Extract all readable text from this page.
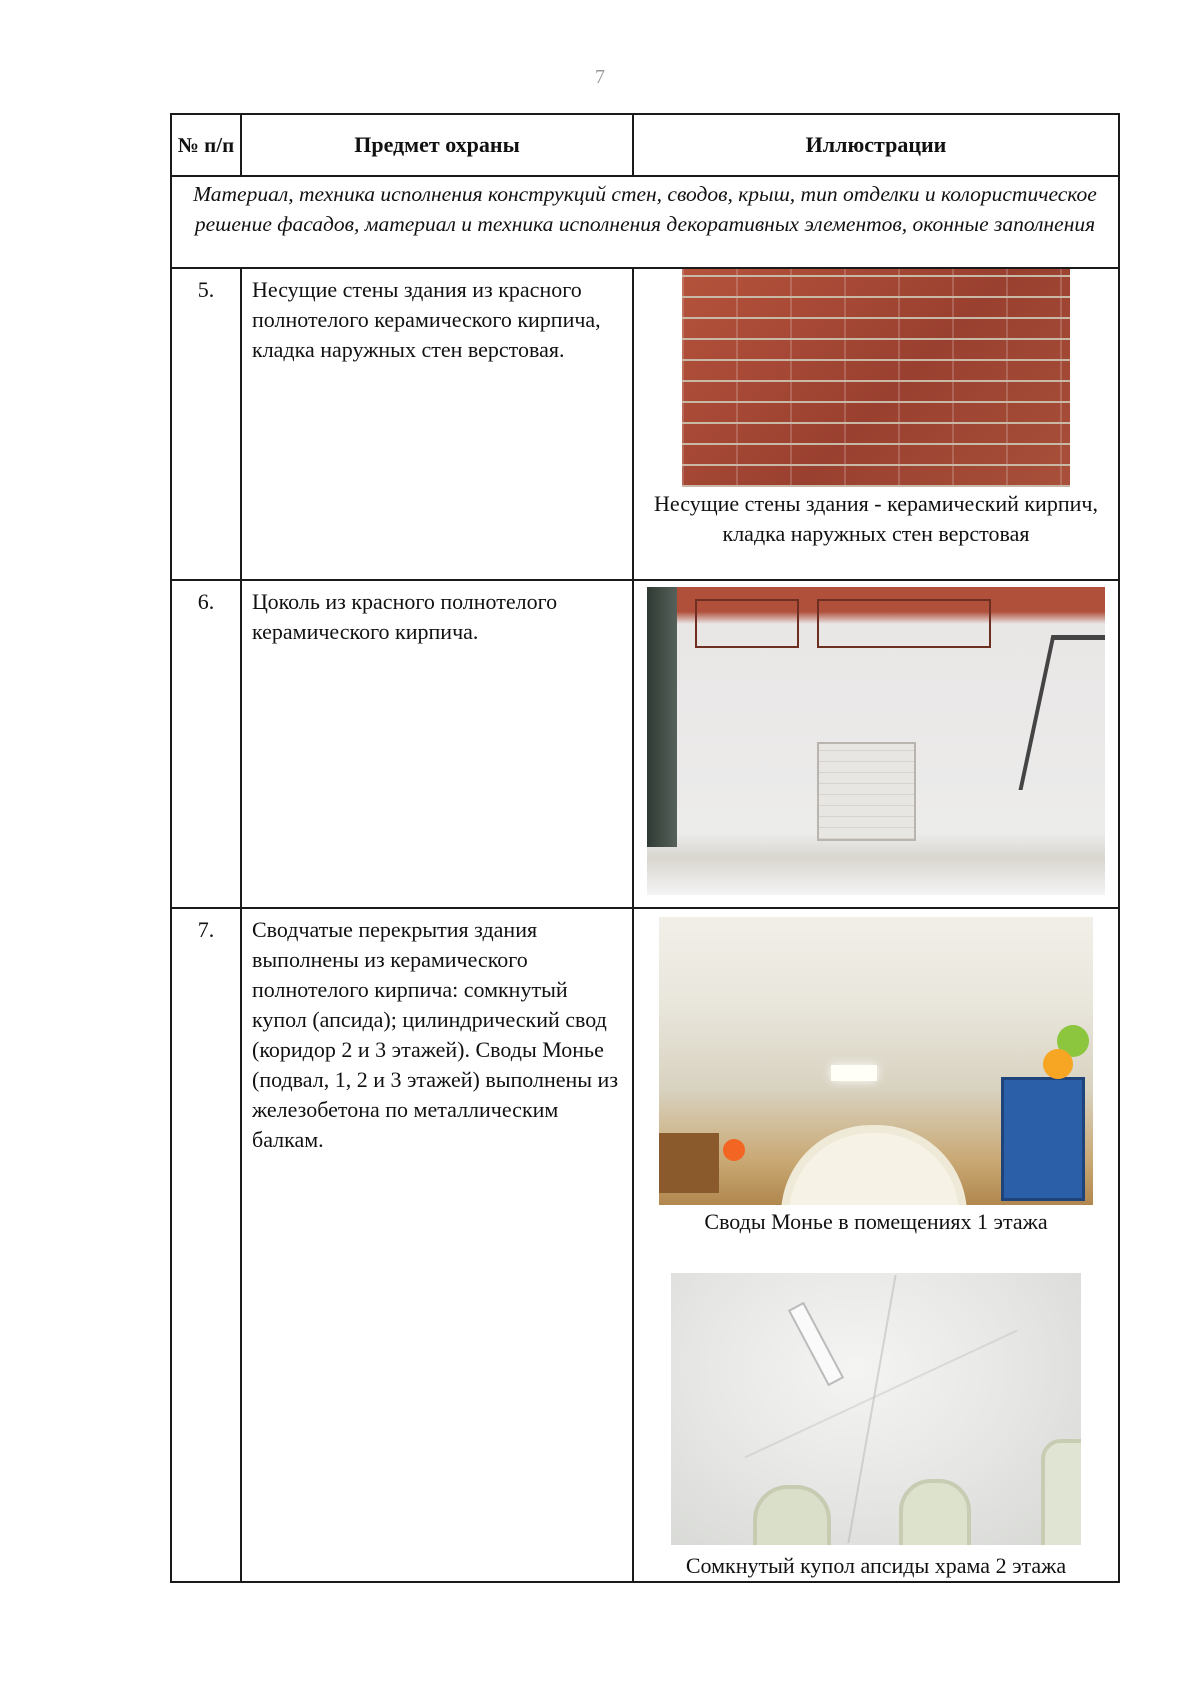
7
№ п/п	Предмет охраны	Иллюстрации
Материал, техника исполнения конструкций стен, сводов, крыш, тип отделки и колористическое решение фасадов, материал и техника исполнения декоративных элементов, оконные заполнения		
5.	Несущие стены здания из красного полнотелого керамического кирпича, кладка наружных стен верстовая.	Несущие стены здания - керамический кирпич, кладка наружных стен верстовая

6.	Цоколь из красного полнотелого керамического кирпича.	

7.	Сводчатые перекрытия здания выполнены из керамического полнотелого кирпича: сомкнутый купол (апсида); цилиндрический свод (коридор 2 и 3 этажей). Своды Монье (подвал, 1, 2 и 3 этажей) выполнены из железобетона по металлическим балкам.	Своды Монье в помещениях 1 этажа
Сомкнутый купол апсиды храма 2 этажа
